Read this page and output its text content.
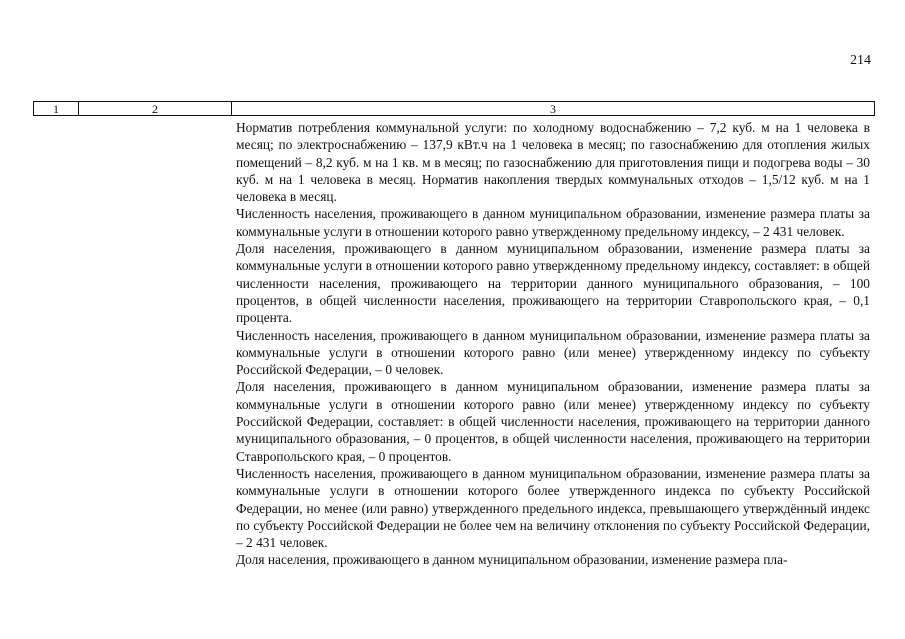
214
1	2	3

Норматив потребления коммунальной услуги: по холодному водоснабжению – 7,2 куб. м на 1 человека в месяц; по электроснабжению – 137,9 кВт.ч на 1 человека в месяц; по газоснабжению для отопления жилых помещений – 8,2 куб. м на 1 кв. м в месяц; по газоснабжению для приготовления пищи и подогрева воды – 30 куб. м на 1 человека в месяц. Норматив накопления твердых коммунальных отходов – 1,5/12 куб. м на 1 человека в месяц.

Численность населения, проживающего в данном муниципальном образовании, изменение размера платы за коммунальные услуги в отношении которого равно утвержденному предельному индексу, – 2 431 человек.

Доля населения, проживающего в данном муниципальном образовании, изменение размера платы за коммунальные услуги в отношении которого равно утвержденному предельному индексу, составляет: в общей численности населения, проживающего на территории данного муниципального образования, – 100 процентов, в общей численности населения, проживающего на территории Ставропольского края, – 0,1 процента.

Численность населения, проживающего в данном муниципальном образовании, изменение размера платы за коммунальные услуги в отношении которого равно (или менее) утвержденному индексу по субъекту Российской Федерации, – 0 человек.

Доля населения, проживающего в данном муниципальном образовании, изменение размера платы за коммунальные услуги в отношении которого равно (или менее) утвержденному индексу по субъекту Российской Федерации, составляет: в общей численности населения, проживающего на территории данного муниципального образования, – 0 процентов, в общей численности населения, проживающего на территории Ставропольского края, – 0 процентов.

Численность населения, проживающего в данном муниципальном образовании, изменение размера платы за коммунальные услуги в отношении которого более утвержденного индекса по субъекту Российской Федерации, но менее (или равно) утвержденного предельного индекса, превышающего утверждённый индекс по субъекту Российской Федерации не более чем на величину отклонения по субъекту Российской Федерации, – 2 431 человек.

Доля населения, проживающего в данном муниципальном образовании, изменение размера пла-
